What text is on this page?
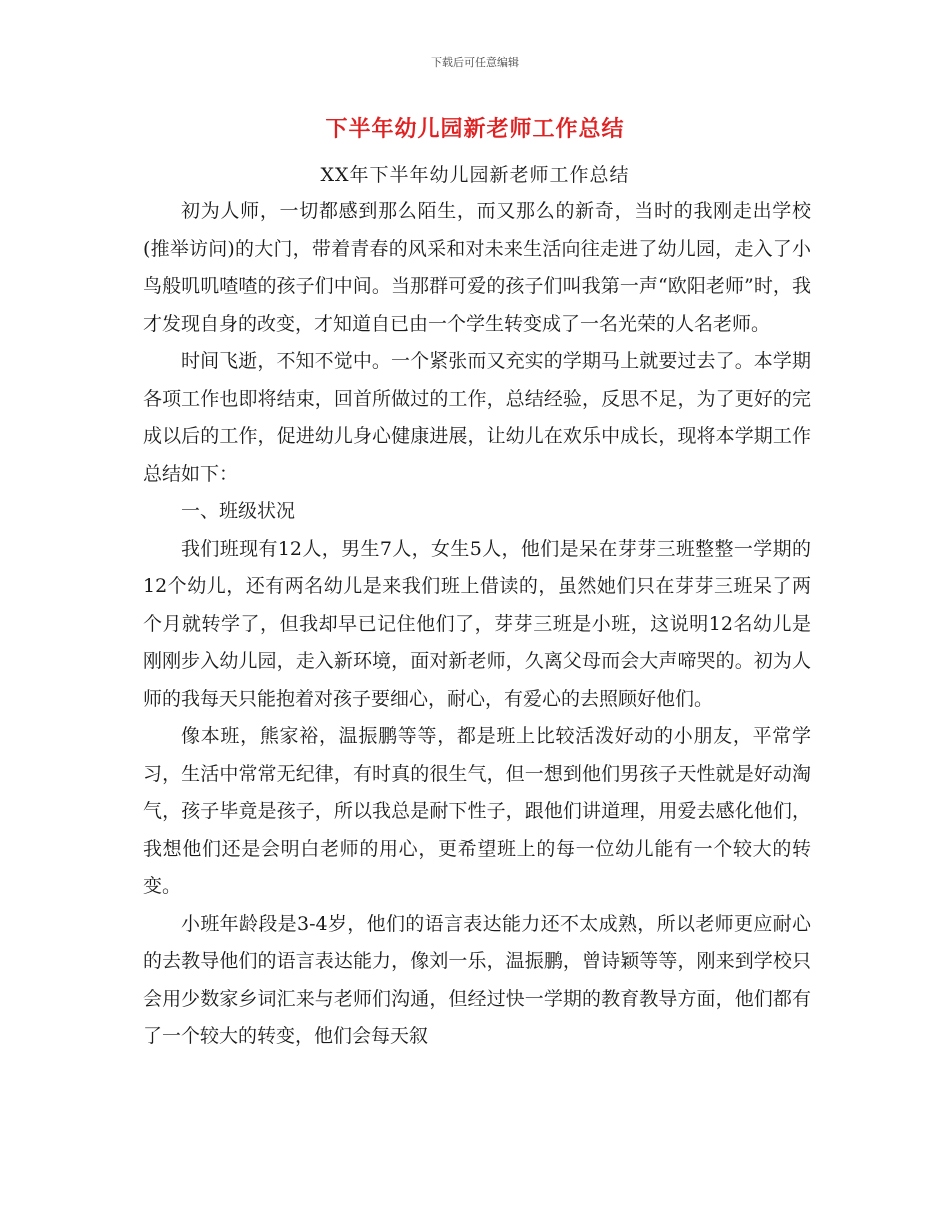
下载后可任意编辑
下半年幼儿园新老师工作总结
XX年下半年幼儿园新老师工作总结

初为人师，一切都感到那么陌生，而又那么的新奇，当时的我刚走出学校(推举访问)的大门，带着青春的风采和对未来生活向往走进了幼儿园，走入了小鸟般叽叽喳喳的孩子们中间。当那群可爱的孩子们叫我第一声“欧阳老师”时，我才发现自身的改变，才知道自已由一个学生转变成了一名光荣的人名老师。

时间飞逝，不知不觉中。一个紧张而又充实的学期马上就要过去了。本学期各项工作也即将结束，回首所做过的工作，总结经验，反思不足，为了更好的完成以后的工作，促进幼儿身心健康进展，让幼儿在欢乐中成长，现将本学期工作总结如下：

一、班级状况

我们班现有12人，男生7人，女生5人，他们是呆在芽芽三班整整一学期的12个幼儿，还有两名幼儿是来我们班上借读的，虽然她们只在芽芽三班呆了两个月就转学了，但我却早已记住他们了，芽芽三班是小班，这说明12名幼儿是刚刚步入幼儿园，走入新环境，面对新老师，久离父母而会大声啼哭的。初为人师的我每天只能抱着对孩子要细心，耐心，有爱心的去照顾好他们。

像本班，熊家裕，温振鹏等等，都是班上比较活泼好动的小朋友，平常学习，生活中常常无纪律，有时真的很生气，但一想到他们男孩子天性就是好动淘气，孩子毕竟是孩子，所以我总是耐下性子，跟他们讲道理，用爱去感化他们，我想他们还是会明白老师的用心，更希望班上的每一位幼儿能有一个较大的转变。

小班年龄段是3-4岁，他们的语言表达能力还不太成熟，所以老师更应耐心的去教导他们的语言表达能力，像刘一乐，温振鹏，曾诗颖等等，刚来到学校只会用少数家乡词汇来与老师们沟通，但经过快一学期的教育教导方面，他们都有了一个较大的转变，他们会每天叙
